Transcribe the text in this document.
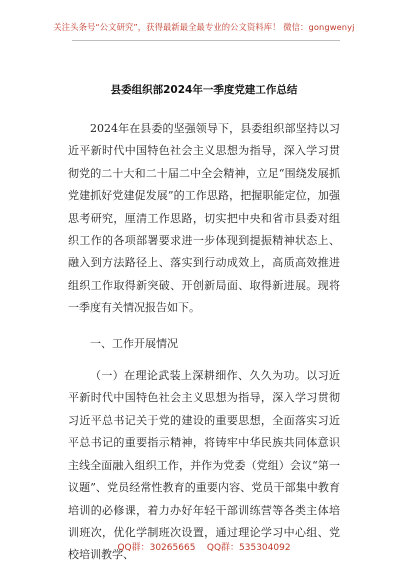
关注头条号“公文研究”，获得最新最全最专业的公文资料库！ 微信：gongwenyj
县委组织部2024年一季度党建工作总结

2024年在县委的坚强领导下，县委组织部坚持以习近平新时代中国特色社会主义思想为指导，深入学习贯彻党的二十大和二十届二中全会精神，立足“围绕发展抓党建抓好党建促发展”的工作思路，把握职能定位，加强思考研究，厘清工作思路，切实把中央和省市县委对组织工作的各项部署要求进一步体现到提振精神状态上、融入到方法路径上、落实到行动成效上，高质高效推进组织工作取得新突破、开创新局面、取得新进展。现将一季度有关情况报告如下。

一、工作开展情况

（一）在理论武装上深耕细作、久久为功。以习近平新时代中国特色社会主义思想为指导，深入学习贯彻习近平总书记关于党的建设的重要思想，全面落实习近平总书记的重要指示精神，将铸牢中华民族共同体意识主线全面融入组织工作，并作为党委（党组）会议“第一议题”、党员经常性教育的重要内容、党员干部集中教育培训的必修课，着力办好年轻干部训练营等各类主体培训班次，优化学制班次设置，通过理论学习中心组、党校培训教学、

QQ群：30265665    QQ群：535304092
